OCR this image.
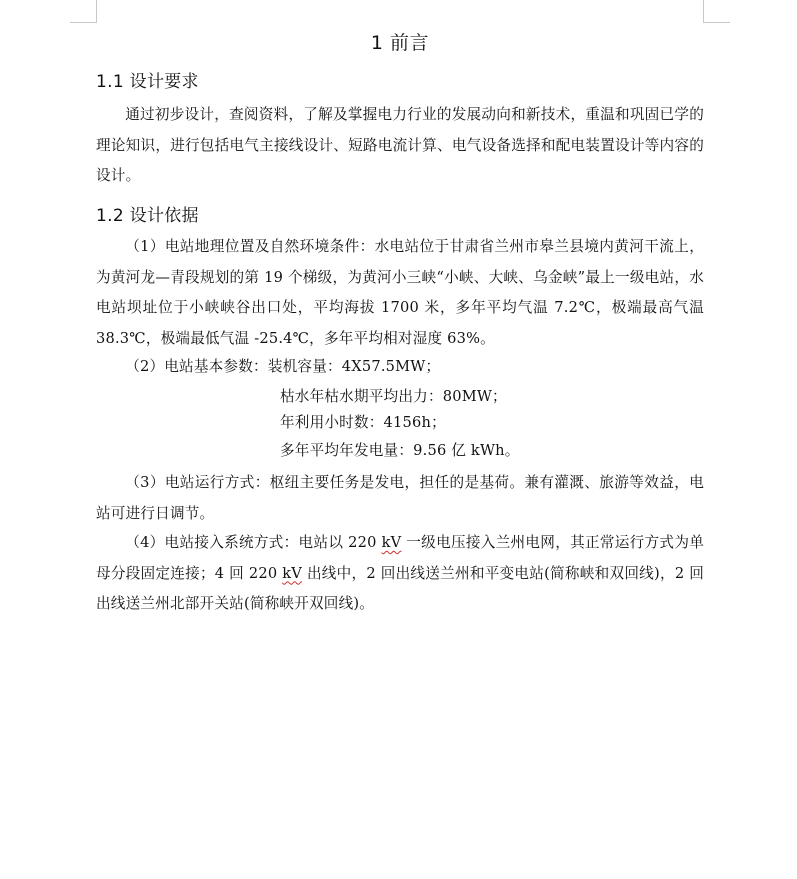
1 前言
1.1 设计要求
通过初步设计，查阅资料，了解及掌握电力行业的发展动向和新技术，重温和巩固已学的理论知识，进行包括电气主接线设计、短路电流计算、电气设备选择和配电装置设计等内容的设计。
1.2 设计依据
（1）电站地理位置及自然环境条件：水电站位于甘肃省兰州市皋兰县境内黄河干流上，为黄河龙—青段规划的第 19 个梯级，为黄河小三峡“小峡、大峡、乌金峡”最上一级电站，水电站坝址位于小峡峡谷出口处，平均海拔 1700 米，多年平均气温 7.2℃，极端最高气温 38.3℃，极端最低气温 -25.4℃，多年平均相对湿度 63%。
（2）电站基本参数：装机容量：4X57.5MW；
枯水年枯水期平均出力：80MW；
年利用小时数：4156h；
多年平均年发电量：9.56 亿 kWh。
（3）电站运行方式：枢纽主要任务是发电，担任的是基荷。兼有灌溉、旅游等效益，电站可进行日调节。
（4）电站接入系统方式：电站以 220 kV 一级电压接入兰州电网，其正常运行方式为单母分段固定连接；4 回 220 kV 出线中，2 回出线送兰州和平变电站(简称峡和双回线)，2 回出线送兰州北部开关站(简称峡开双回线)。
